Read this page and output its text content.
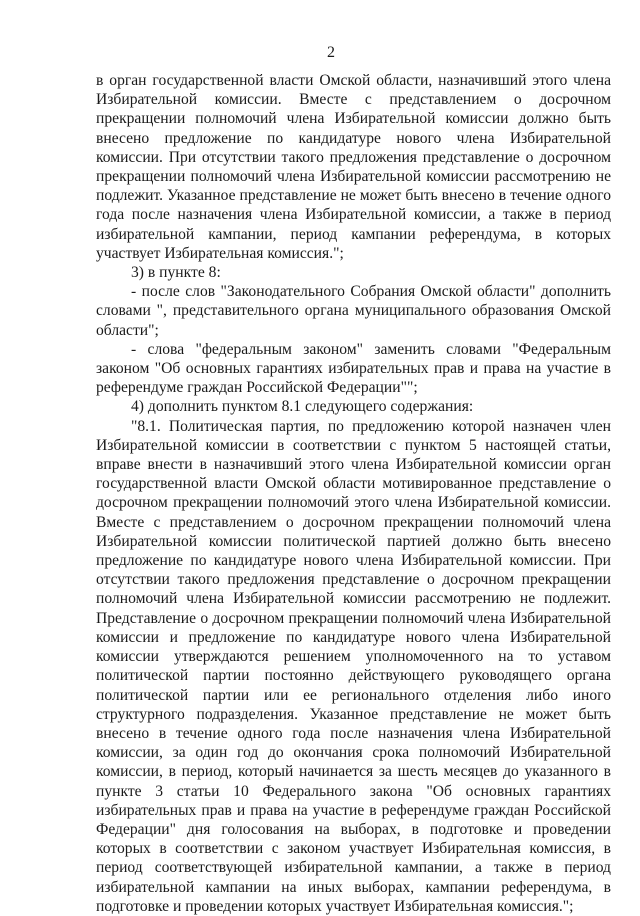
2

в орган государственной власти Омской области, назначивший этого члена Избирательной комиссии. Вместе с представлением о досрочном прекращении полномочий члена Избирательной комиссии должно быть внесено предложение по кандидатуре нового члена Избирательной комиссии. При отсутствии такого предложения представление о досрочном прекращении полномочий члена Избирательной комиссии рассмотрению не подлежит. Указанное представление не может быть внесено в течение одного года после назначения члена Избирательной комиссии, а также в период избирательной кампании, период кампании референдума, в которых участвует Избирательная комиссия.";

3) в пункте 8:

- после слов "Законодательного Собрания Омской области" дополнить словами ", представительного органа муниципального образования Омской области";

- слова "федеральным законом" заменить словами "Федеральным законом "Об основных гарантиях избирательных прав и права на участие в референдуме граждан Российской Федерации"";

4) дополнить пунктом 8.1 следующего содержания:

"8.1. Политическая партия, по предложению которой назначен член Избирательной комиссии в соответствии с пунктом 5 настоящей статьи, вправе внести в назначивший этого члена Избирательной комиссии орган государственной власти Омской области мотивированное представление о досрочном прекращении полномочий этого члена Избирательной комиссии. Вместе с представлением о досрочном прекращении полномочий члена Избирательной комиссии политической партией должно быть внесено предложение по кандидатуре нового члена Избирательной комиссии. При отсутствии такого предложения представление о досрочном прекращении полномочий члена Избирательной комиссии рассмотрению не подлежит. Представление о досрочном прекращении полномочий члена Избирательной комиссии и предложение по кандидатуре нового члена Избирательной комиссии утверждаются решением уполномоченного на то уставом политической партии постоянно действующего руководящего органа политической партии или ее регионального отделения либо иного структурного подразделения. Указанное представление не может быть внесено в течение одного года после назначения члена Избирательной комиссии, за один год до окончания срока полномочий Избирательной комиссии, в период, который начинается за шесть месяцев до указанного в пункте 3 статьи 10 Федерального закона "Об основных гарантиях избирательных прав и права на участие в референдуме граждан Российской Федерации" дня голосования на выборах, в подготовке и проведении которых в соответствии с законом участвует Избирательная комиссия, в период соответствующей избирательной кампании, а также в период избирательной кампании на иных выборах, кампании референдума, в подготовке и проведении которых участвует Избирательная комиссия.";
